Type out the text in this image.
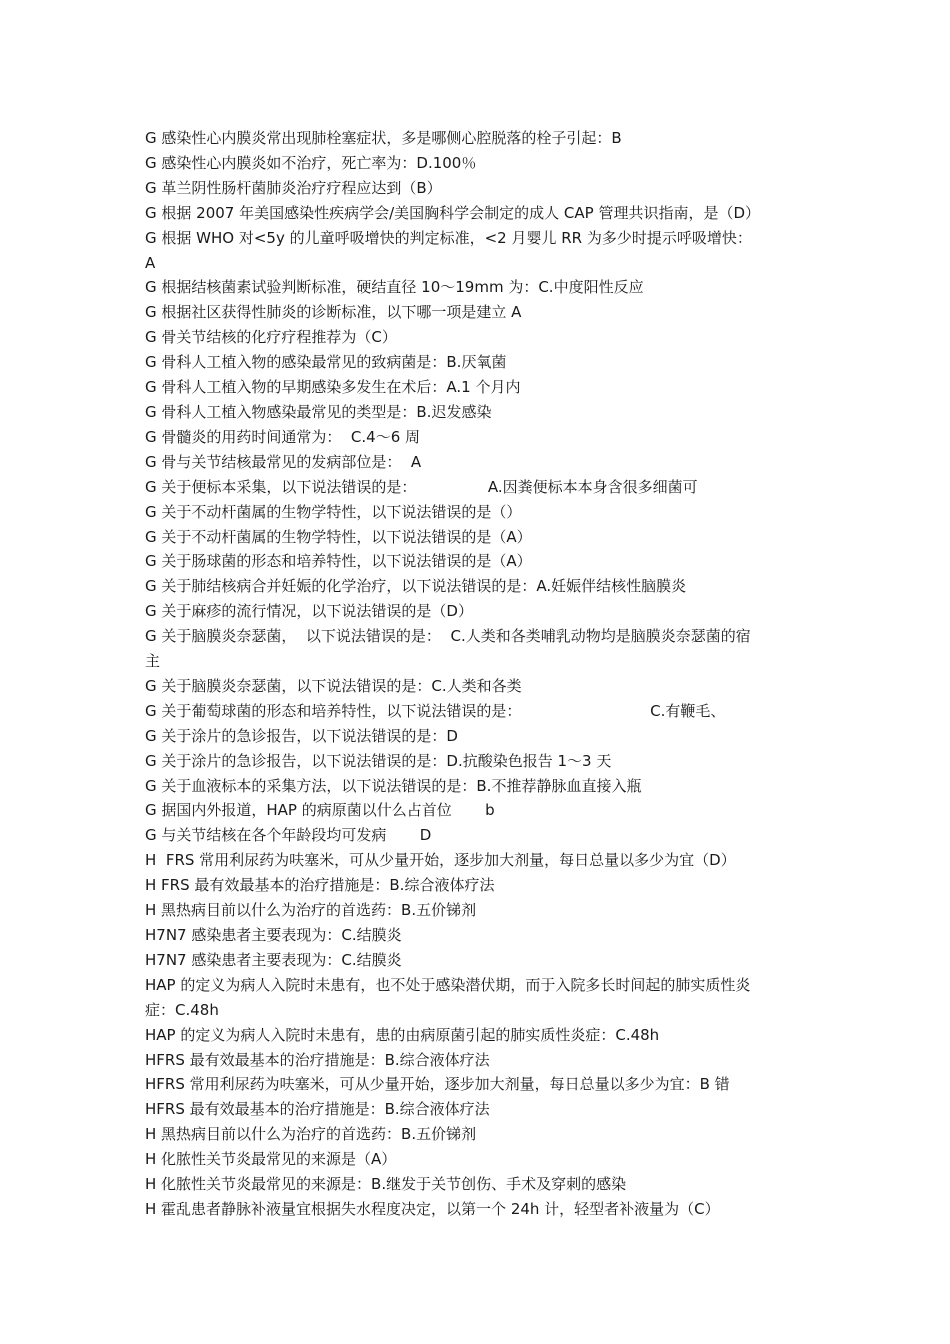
G 感染性心内膜炎常出现肺栓塞症状，多是哪侧心腔脱落的栓子引起：B

G 感染性心内膜炎如不治疗，死亡率为：D.100％

G 革兰阴性肠杆菌肺炎治疗疗程应达到（B）

G 根据 2007 年美国感染性疾病学会/美国胸科学会制定的成人 CAP 管理共识指南，是（D）

G 根据 WHO 对<5y 的儿童呼吸增快的判定标准，<2 月婴儿 RR 为多少时提示呼吸增快：

A

G 根据结核菌素试验判断标准，硬结直径 10～19mm 为：C.中度阳性反应

G 根据社区获得性肺炎的诊断标准，以下哪一项是建立 A

G 骨关节结核的化疗疗程推荐为（C）

G 骨科人工植入物的感染最常见的致病菌是：B.厌氧菌

G 骨科人工植入物的早期感染多发生在术后：A.1 个月内

G 骨科人工植入物感染最常见的类型是：B.迟发感染

G 骨髓炎的用药时间通常为：  C.4～6 周

G 骨与关节结核最常见的发病部位是：  A

G 关于便标本采集，以下说法错误的是：               A.因粪便标本本身含很多细菌可

G 关于不动杆菌属的生物学特性，以下说法错误的是（）

G 关于不动杆菌属的生物学特性，以下说法错误的是（A）

G 关于肠球菌的形态和培养特性，以下说法错误的是（A）

G 关于肺结核病合并妊娠的化学治疗，以下说法错误的是：A.妊娠伴结核性脑膜炎

G 关于麻疹的流行情况，以下说法错误的是（D）

G 关于脑膜炎奈瑟菌，  以下说法错误的是：  C.人类和各类哺乳动物均是脑膜炎奈瑟菌的宿

主

G 关于脑膜炎奈瑟菌，以下说法错误的是：C.人类和各类

G 关于葡萄球菌的形态和培养特性，以下说法错误的是：                           C.有鞭毛、

G 关于涂片的急诊报告，以下说法错误的是：D

G 关于涂片的急诊报告，以下说法错误的是：D.抗酸染色报告 1～3 天

G 关于血液标本的采集方法，以下说法错误的是：B.不推荐静脉血直接入瓶

G 据国内外报道，HAP 的病原菌以什么占首位       b

G 与关节结核在各个年龄段均可发病       D

H  FRS 常用利尿药为呋塞米，可从少量开始，逐步加大剂量，每日总量以多少为宜（D）

H FRS 最有效最基本的治疗措施是：B.综合液体疗法

H 黑热病目前以什么为治疗的首选药：B.五价锑剂

H7N7 感染患者主要表现为：C.结膜炎

H7N7 感染患者主要表现为：C.结膜炎

HAP 的定义为病人入院时未患有，也不处于感染潜伏期，而于入院多长时间起的肺实质性炎

症：C.48h

HAP 的定义为病人入院时未患有，患的由病原菌引起的肺实质性炎症：C.48h

HFRS 最有效最基本的治疗措施是：B.综合液体疗法

HFRS 常用利尿药为呋塞米，可从少量开始，逐步加大剂量，每日总量以多少为宜：B 错

HFRS 最有效最基本的治疗措施是：B.综合液体疗法

H 黑热病目前以什么为治疗的首选药：B.五价锑剂

H 化脓性关节炎最常见的来源是（A）

H 化脓性关节炎最常见的来源是：B.继发于关节创伤、手术及穿刺的感染

H 霍乱患者静脉补液量宜根据失水程度决定，以第一个 24h 计，轻型者补液量为（C）
